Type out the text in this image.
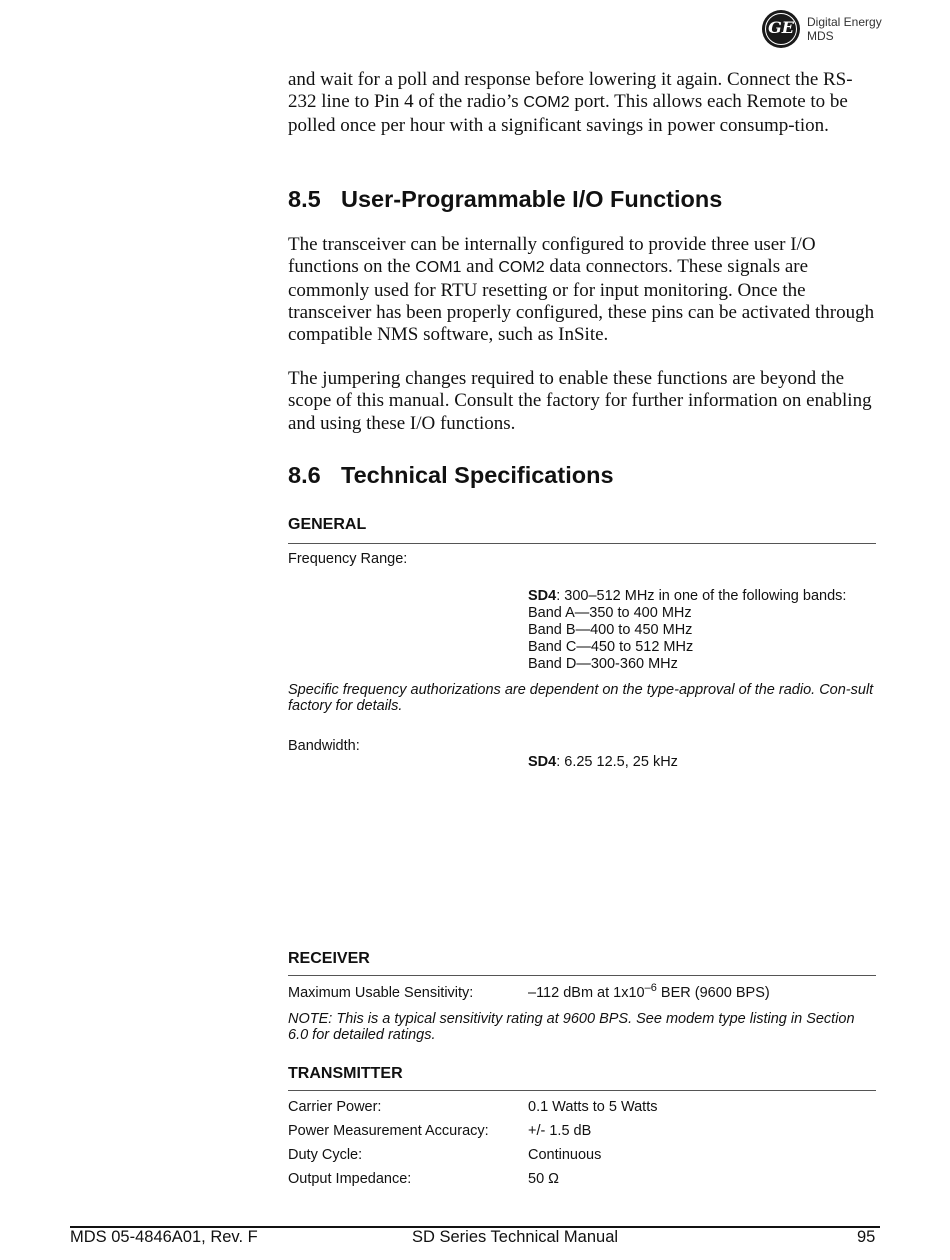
GE	Digital Energy
MDS
and wait for a poll and response before lowering it again. Connect the RS-232 line to Pin 4 of the radio’s COM2 port. This allows each Remote to be polled once per hour with a significant savings in power consump-tion.
8.5 User-Programmable I/O Functions
The transceiver can be internally configured to provide three user I/O functions on the COM1 and COM2 data connectors. These signals are commonly used for RTU resetting or for input monitoring. Once the transceiver has been properly configured, these pins can be activated through compatible NMS software, such as InSite.
The jumpering changes required to enable these functions are beyond the scope of this manual. Consult the factory for further information on enabling and using these I/O functions.
8.6 Technical Specifications
GENERAL
Frequency Range:
SD4: 300–512 MHz in one of the following bands:
Band A—350 to 400 MHz
Band B—400 to 450 MHz
Band C—450 to 512 MHz
Band D—300-360 MHz
Specific frequency authorizations are dependent on the type-approval of the radio. Con-sult factory for details.
Bandwidth:
SD4: 6.25 12.5, 25 kHz
RECEIVER
Maximum Usable Sensitivity:	–112 dBm at $1x10^{-6}$ BER (9600 BPS)
NOTE: This is a typical sensitivity rating at 9600 BPS. See modem type listing in Section 6.0 for detailed ratings.
TRANSMITTER
Carrier Power:	0.1 Watts to 5 Watts
Power Measurement Accuracy:	+/- 1.5 dB
Duty Cycle:	Continuous
Output Impedance:	50 Ω
MDS 05-4846A01, Rev. F	SD Series Technical Manual	95
